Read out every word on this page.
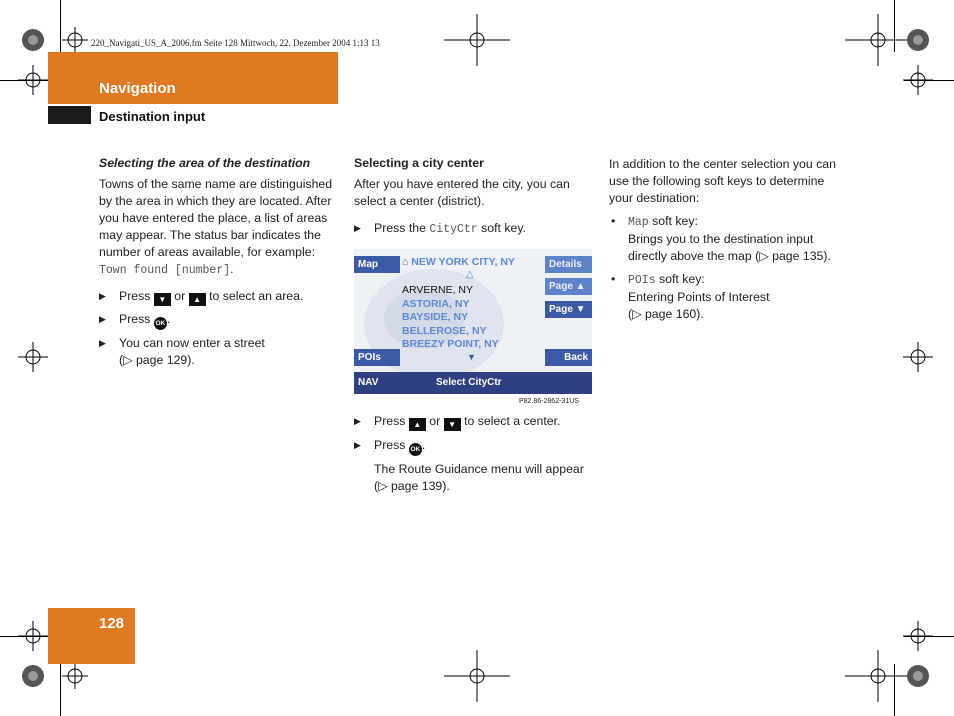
220_Navigati_US_A_2006.fm Seite 128 Mittwoch, 22. Dezember 2004 1:13 13
Navigation
Destination input
128
Selecting the area of the destination
Towns of the same name are distinguished by the area in which they are located. After you have entered the place, a list of areas may appear. The status bar indicates the number of areas available, for example: Town found [number].
▶ Press ▼ or ▲ to select an area.
▶ Press OK .
▶ You can now enter a street
(▷ page 129).
Selecting a city center
After you have entered the city, you can select a center (district).
▶ Press the CityCtr soft key.
Map	⌂ NEW YORK CITY, NY
△
Details
Page ▲
Page ▼
ARVERNE, NY
ASTORIA, NY
BAYSIDE, NY
BELLEROSE, NY
BREEZY POINT, NY
▼
POIs	Back
NAV	Select CityCtr
P82.86-2862-31US
▶ Press ▲ or ▼ to select a center.
▶ Press OK .
The Route Guidance menu will appear
(▷ page 139).
In addition to the center selection you can use the following soft keys to determine your destination:
• Map soft key:
Brings you to the destination input
directly above the map (▷ page 135).
• POIs soft key:
Entering Points of Interest
(▷ page 160).
